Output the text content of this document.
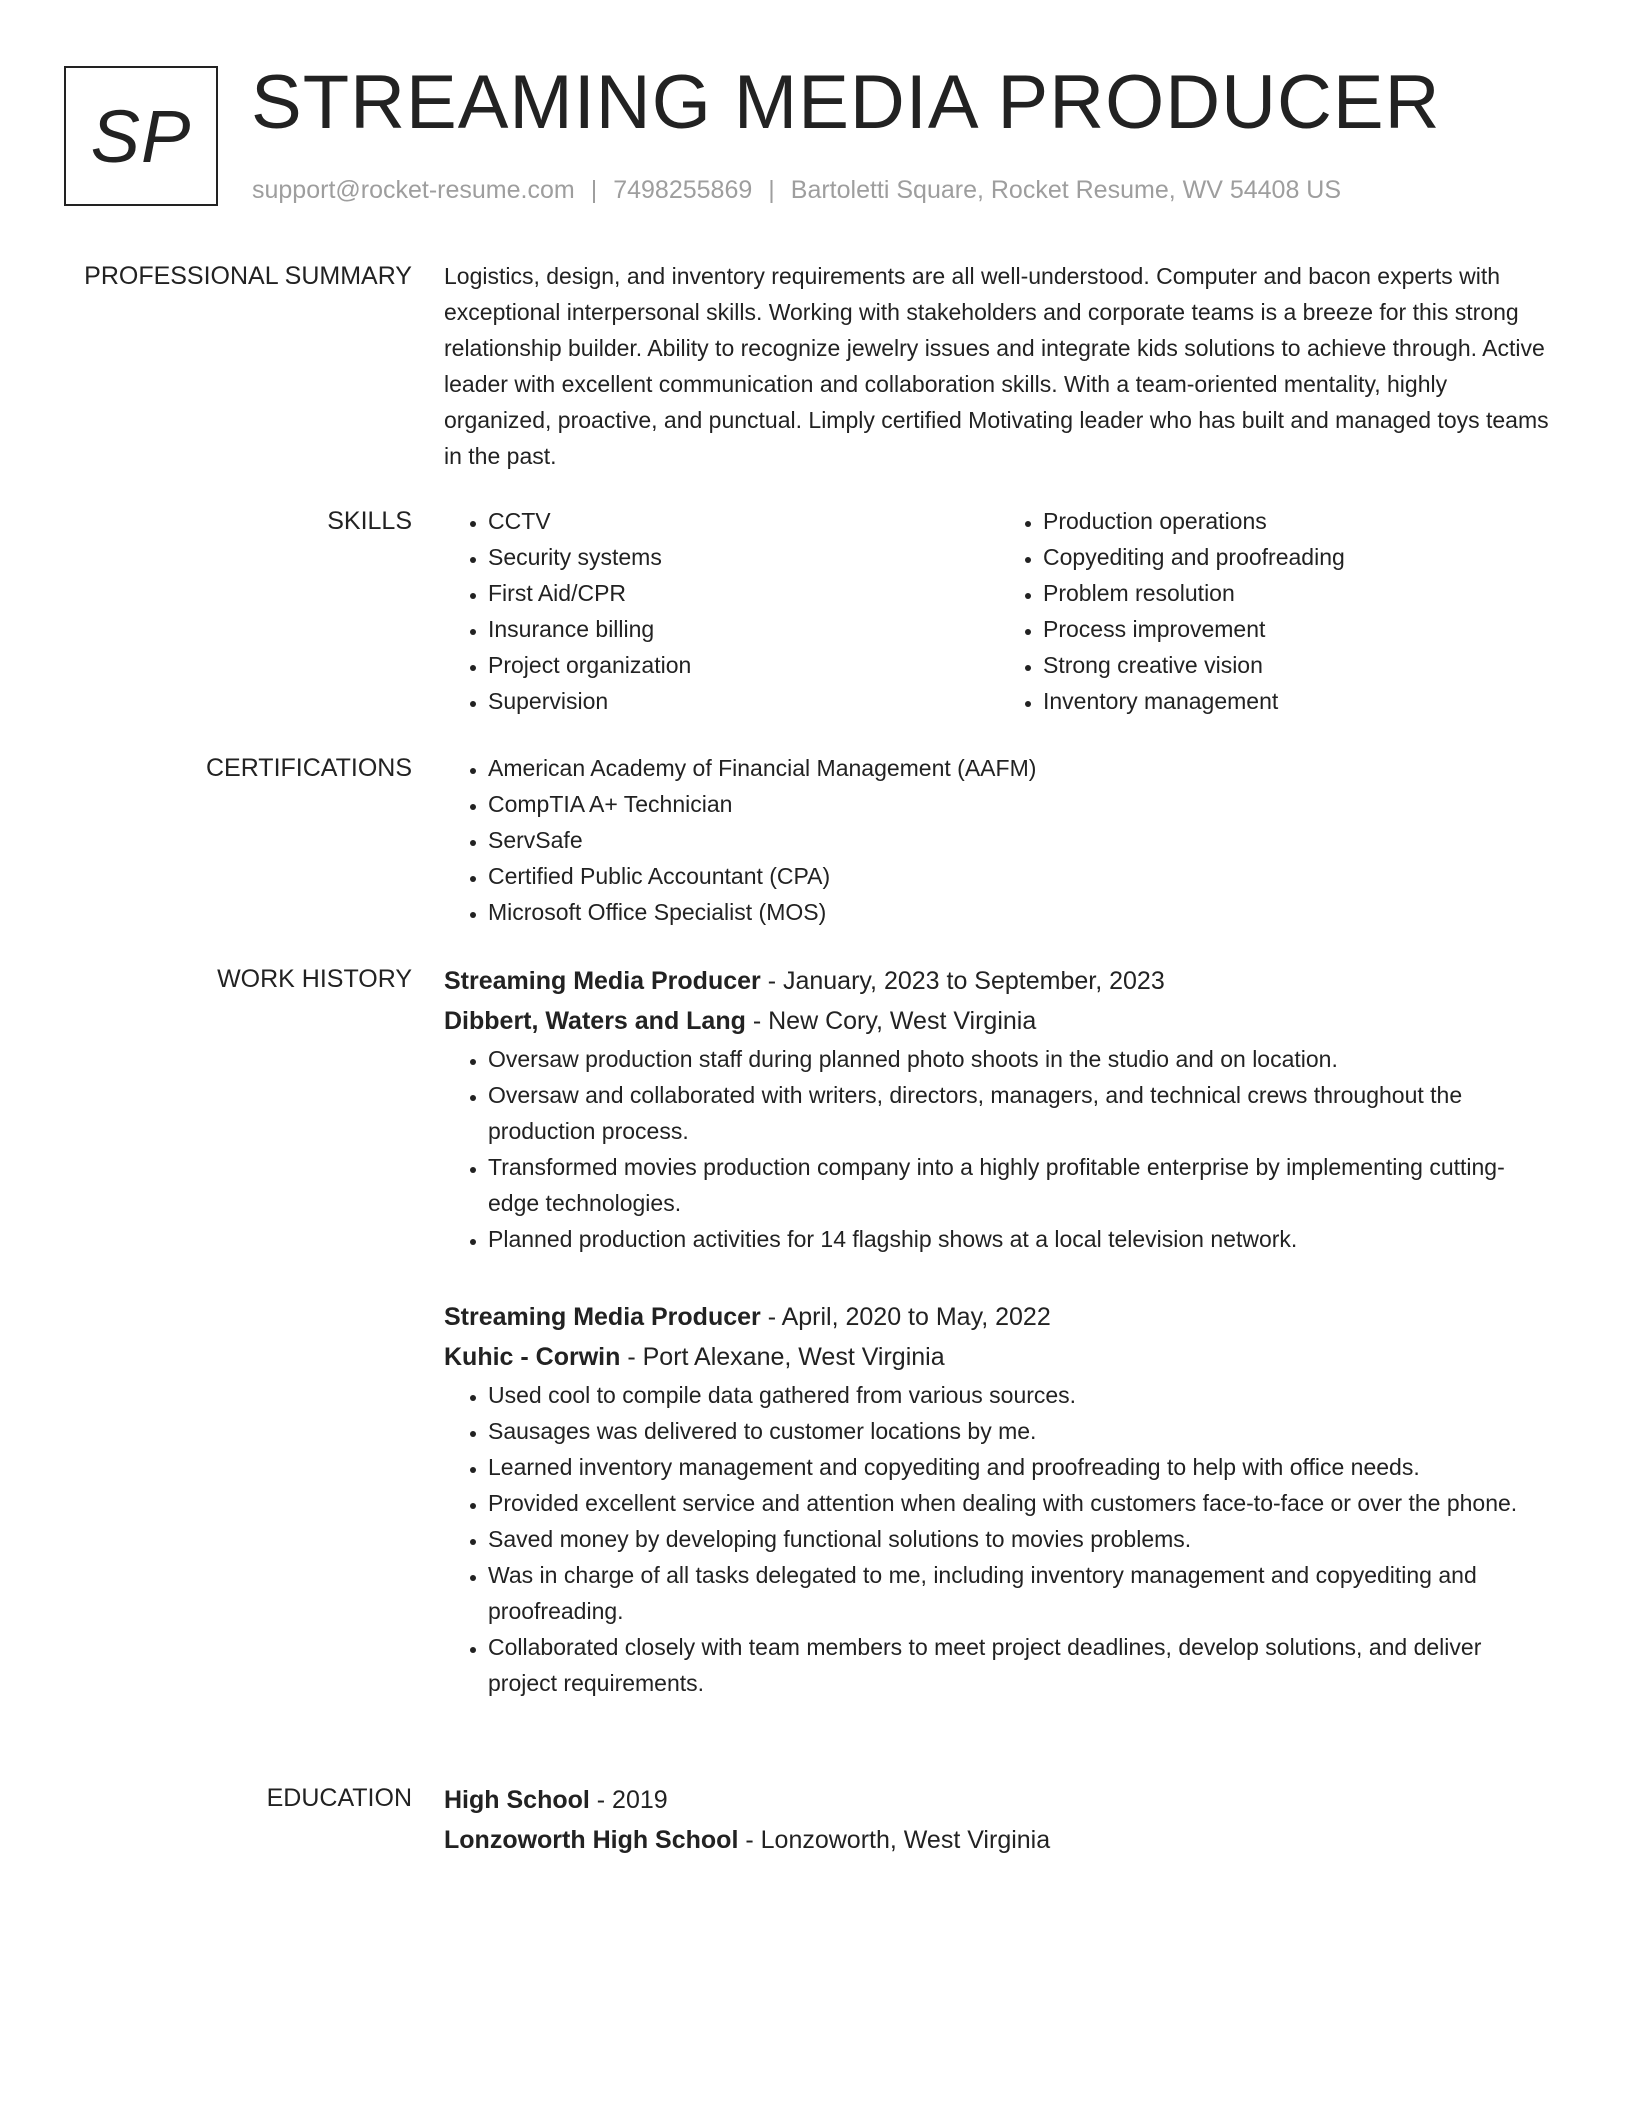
SP STREAMING MEDIA PRODUCER
support@rocket-resume.com | 7498255869 | Bartoletti Square, Rocket Resume, WV 54408 US
PROFESSIONAL SUMMARY Logistics, design, and inventory requirements are all well-understood. Computer and bacon experts with exceptional interpersonal skills. Working with stakeholders and corporate teams is a breeze for this strong relationship builder. Ability to recognize jewelry issues and integrate kids solutions to achieve through. Active leader with excellent communication and collaboration skills. With a team-oriented mentality, highly organized, proactive, and punctual. Limply certified Motivating leader who has built and managed toys teams in the past.

SKILLS	• CCTV
• Security systems
• First Aid/CPR
• Insurance billing
• Project organization
• Supervision
• Production operations
• Copyediting and proofreading
• Problem resolution
• Process improvement
• Strong creative vision
• Inventory management
CERTIFICATIONS	• American Academy of Financial Management (AAFM)
• CompTIA A+ Technician
• ServSafe
• Certified Public Accountant (CPA)
• Microsoft Office Specialist (MOS)
WORK HISTORY Streaming Media Producer - January, 2023 to September, 2023
Dibbert, Waters and Lang - New Cory, West Virginia
• Oversaw production staff during planned photo shoots in the studio and on location.
• Oversaw and collaborated with writers, directors, managers, and technical crews throughout the production process.
• Transformed movies production company into a highly profitable enterprise by implementing cutting-edge technologies.
• Planned production activities for 14 flagship shows at a local television network.
Streaming Media Producer - April, 2020 to May, 2022
Kuhic - Corwin - Port Alexane, West Virginia
• Used cool to compile data gathered from various sources.
• Sausages was delivered to customer locations by me.
• Learned inventory management and copyediting and proofreading to help with office needs.
• Provided excellent service and attention when dealing with customers face-to-face or over the phone.
• Saved money by developing functional solutions to movies problems.
• Was in charge of all tasks delegated to me, including inventory management and copyediting and proofreading.
• Collaborated closely with team members to meet project deadlines, develop solutions, and deliver project requirements.
EDUCATION High School - 2019
Lonzoworth High School - Lonzoworth, West Virginia
